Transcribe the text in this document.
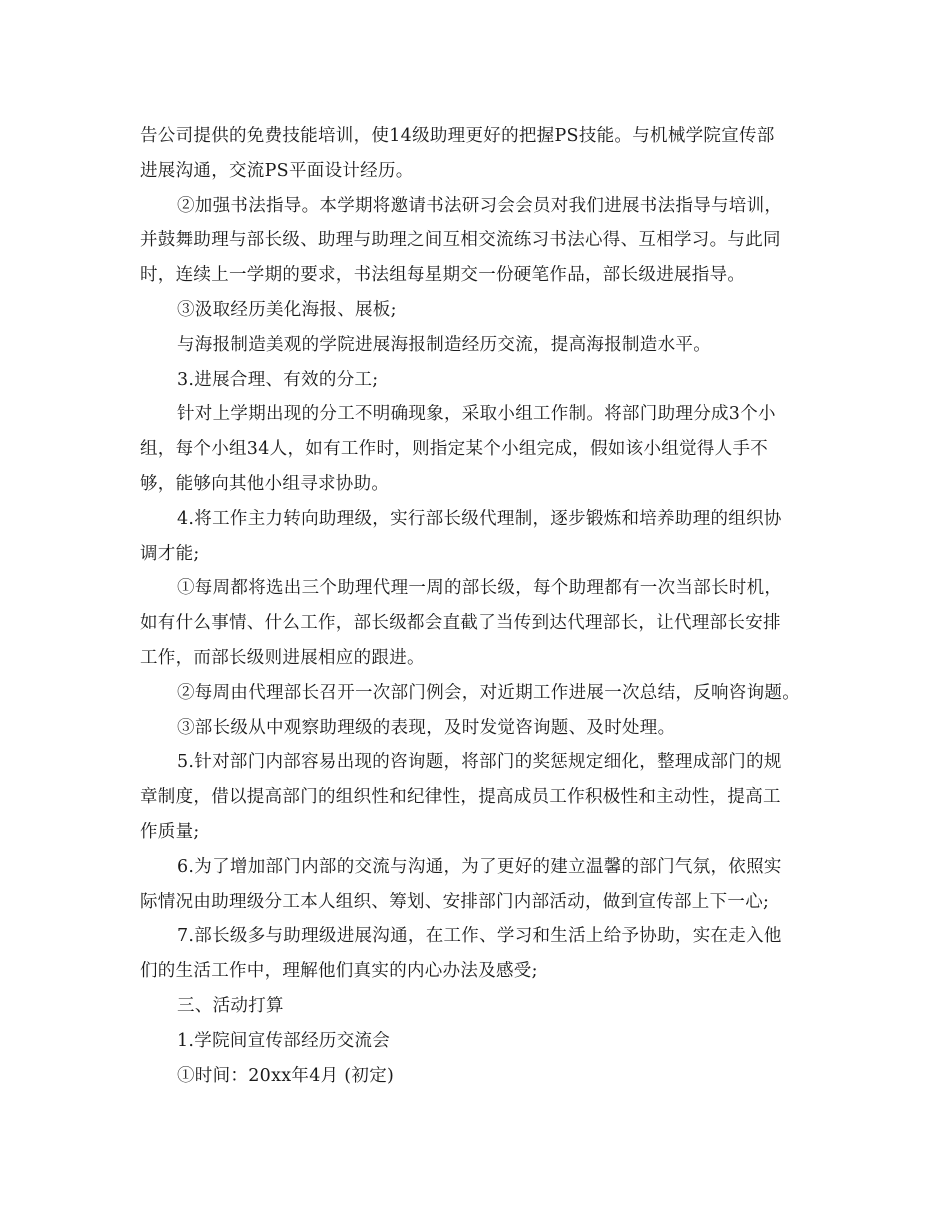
告公司提供的免费技能培训，使14级助理更好的把握PS技能。与机械学院宣传部
进展沟通，交流PS平面设计经历。
②加强书法指导。本学期将邀请书法研习会会员对我们进展书法指导与培训，
并鼓舞助理与部长级、助理与助理之间互相交流练习书法心得、互相学习。与此同
时，连续上一学期的要求，书法组每星期交一份硬笔作品，部长级进展指导。
③汲取经历美化海报、展板;
与海报制造美观的学院进展海报制造经历交流，提高海报制造水平。
3.进展合理、有效的分工;
针对上学期出现的分工不明确现象，采取小组工作制。将部门助理分成3个小
组，每个小组34人，如有工作时，则指定某个小组完成，假如该小组觉得人手不
够，能够向其他小组寻求协助。
4.将工作主力转向助理级，实行部长级代理制，逐步锻炼和培养助理的组织协
调才能;
①每周都将选出三个助理代理一周的部长级，每个助理都有一次当部长时机，
如有什么事情、什么工作，部长级都会直截了当传到达代理部长，让代理部长安排
工作，而部长级则进展相应的跟进。
②每周由代理部长召开一次部门例会，对近期工作进展一次总结，反响咨询题。
③部长级从中观察助理级的表现，及时发觉咨询题、及时处理。
5.针对部门内部容易出现的咨询题，将部门的奖惩规定细化，整理成部门的规
章制度，借以提高部门的组织性和纪律性，提高成员工作积极性和主动性，提高工
作质量;
6.为了增加部门内部的交流与沟通，为了更好的建立温馨的部门气氛，依照实
际情况由助理级分工本人组织、筹划、安排部门内部活动，做到宣传部上下一心;
7.部长级多与助理级进展沟通，在工作、学习和生活上给予协助，实在走入他
们的生活工作中，理解他们真实的内心办法及感受;
三、活动打算
1.学院间宣传部经历交流会
①时间：20xx年4月 (初定)
